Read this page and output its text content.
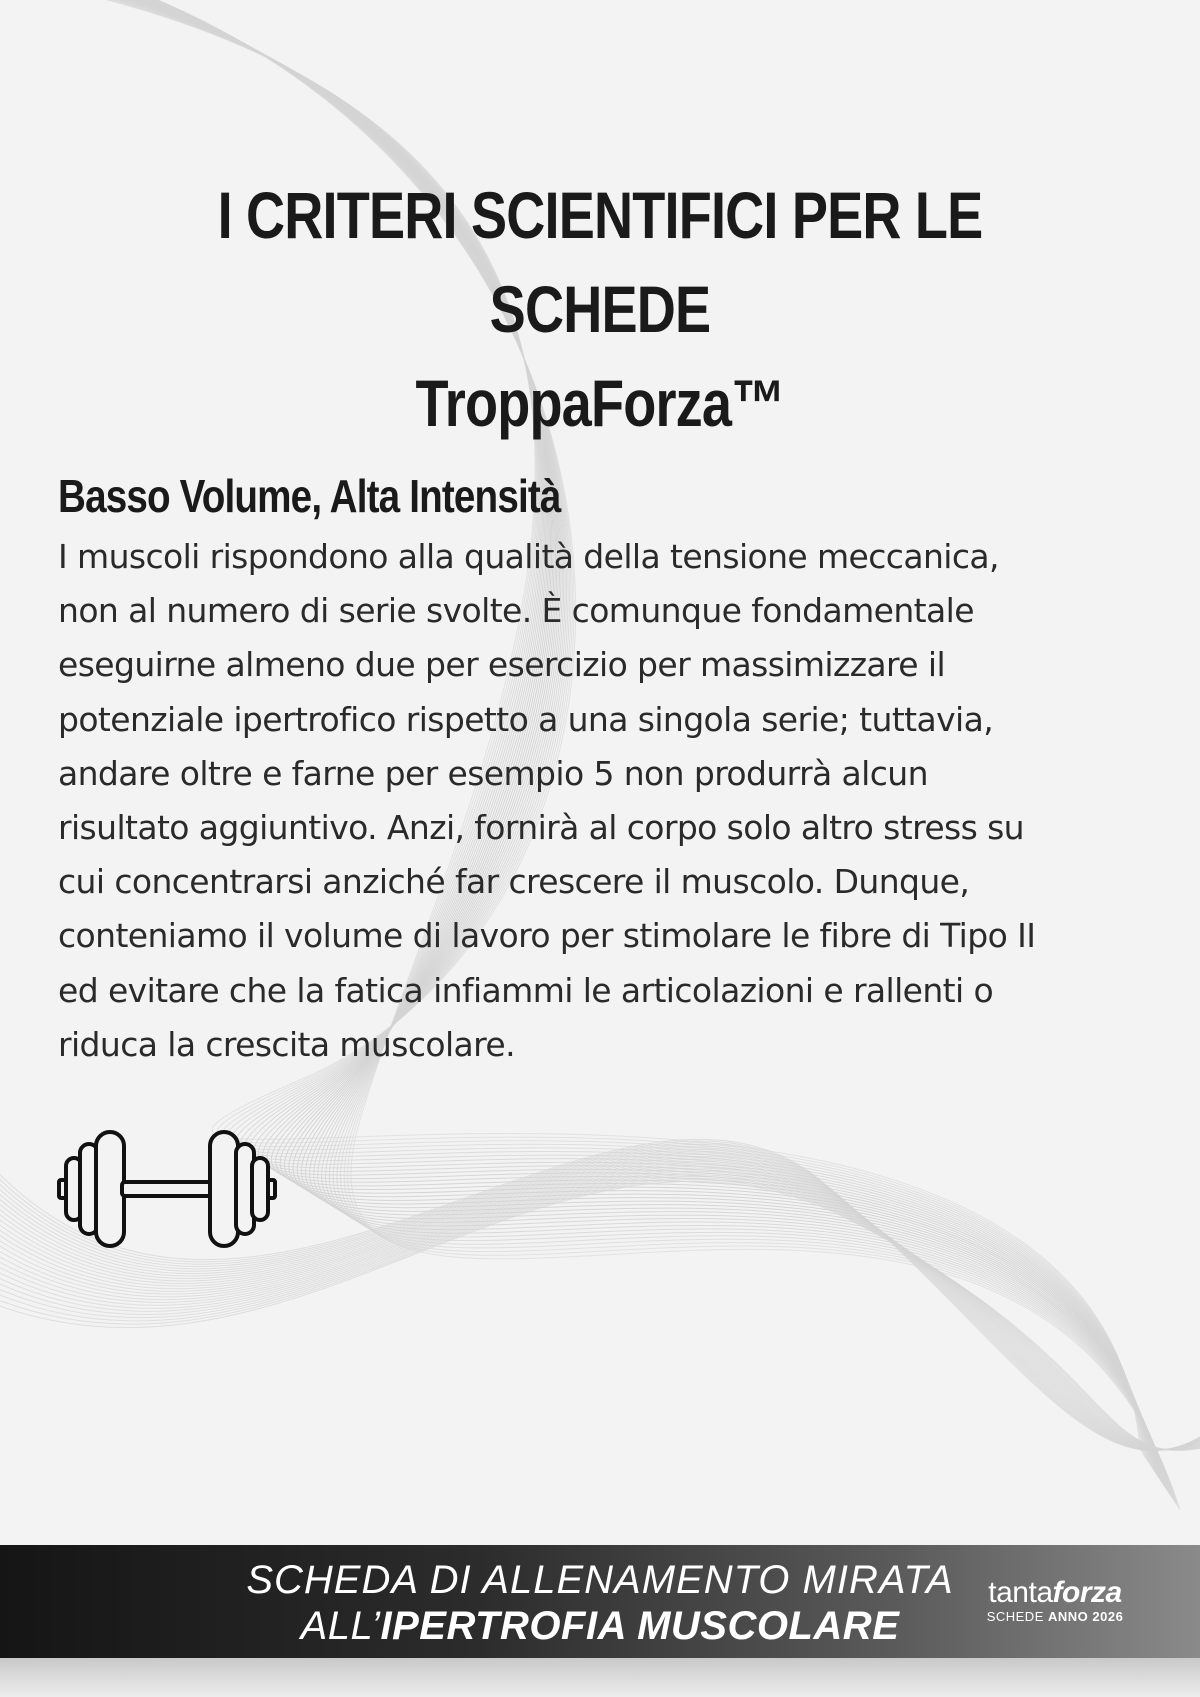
I CRITERI SCIENTIFICI PER LE SCHEDE
TroppaForza™
Basso Volume, Alta Intensità
I muscoli rispondono alla qualità della tensione meccanica,
non al numero di serie svolte. È comunque fondamentale
eseguirne almeno due per esercizio per massimizzare il
potenziale ipertrofico rispetto a una singola serie; tuttavia,
andare oltre e farne per esempio 5 non produrrà alcun
risultato aggiuntivo. Anzi, fornirà al corpo solo altro stress su
cui concentrarsi anziché far crescere il muscolo. Dunque,
conteniamo il volume di lavoro per stimolare le fibre di Tipo II
ed evitare che la fatica infiammi le articolazioni e rallenti o
riduca la crescita muscolare.
SCHEDA DI ALLENAMENTO MIRATA
ALL’IPERTROFIA MUSCOLARE
tantaforza
SCHEDE ANNO 2026
